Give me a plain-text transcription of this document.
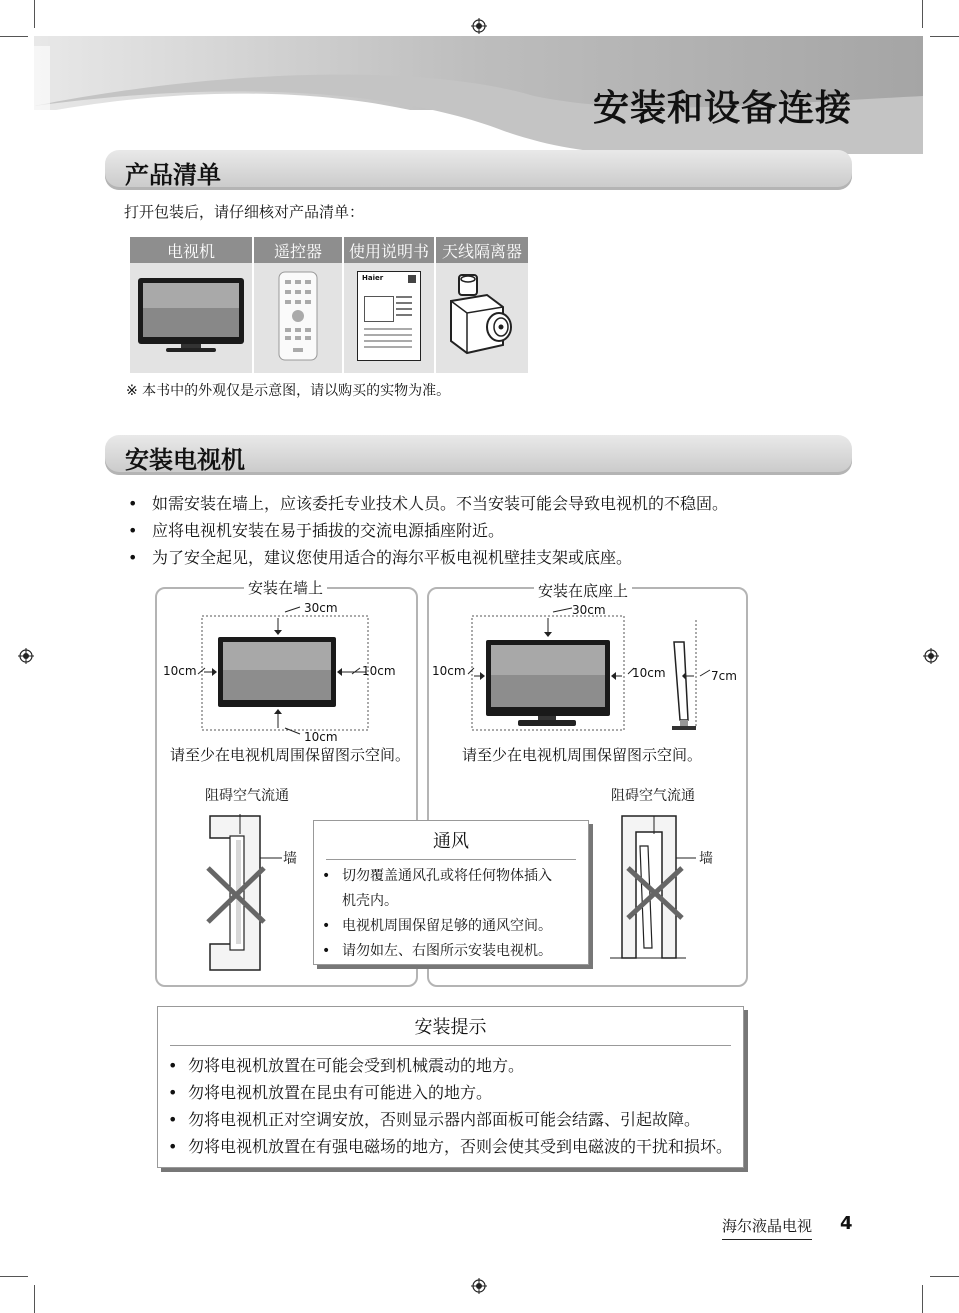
安装和设备连接
产品清单
打开包装后，请仔细核对产品清单：
电视机	遥控器	使用说明书	天线隔离器

Haier

※ 本书中的外观仅是示意图，请以购买的实物为准。
安装电视机
• 如需安装在墙上，应该委托专业技术人员。不当安装可能会导致电视机的不稳固。
• 应将电视机安装在易于插拔的交流电源插座附近。
• 为了安全起见，建议您使用适合的海尔平板电视机壁挂支架或底座。
安装在墙上
30cm
10cm	10cm
10cm
请至少在电视机周围保留图示空间。
阻碍空气流通
墙
安装在底座上
30cm
10cm	10cm	7cm
请至少在电视机周围保留图示空间。
阻碍空气流通
墙
通风
• 切勿覆盖通风孔或将任何物体插入
机壳内。
• 电视机周围保留足够的通风空间。
• 请勿如左、右图所示安装电视机。
安装提示
• 勿将电视机放置在可能会受到机械震动的地方。
• 勿将电视机放置在昆虫有可能进入的地方。
• 勿将电视机正对空调安放，否则显示器内部面板可能会结露、引起故障。
• 勿将电视机放置在有强电磁场的地方，否则会使其受到电磁波的干扰和损坏。
海尔液晶电视 4
